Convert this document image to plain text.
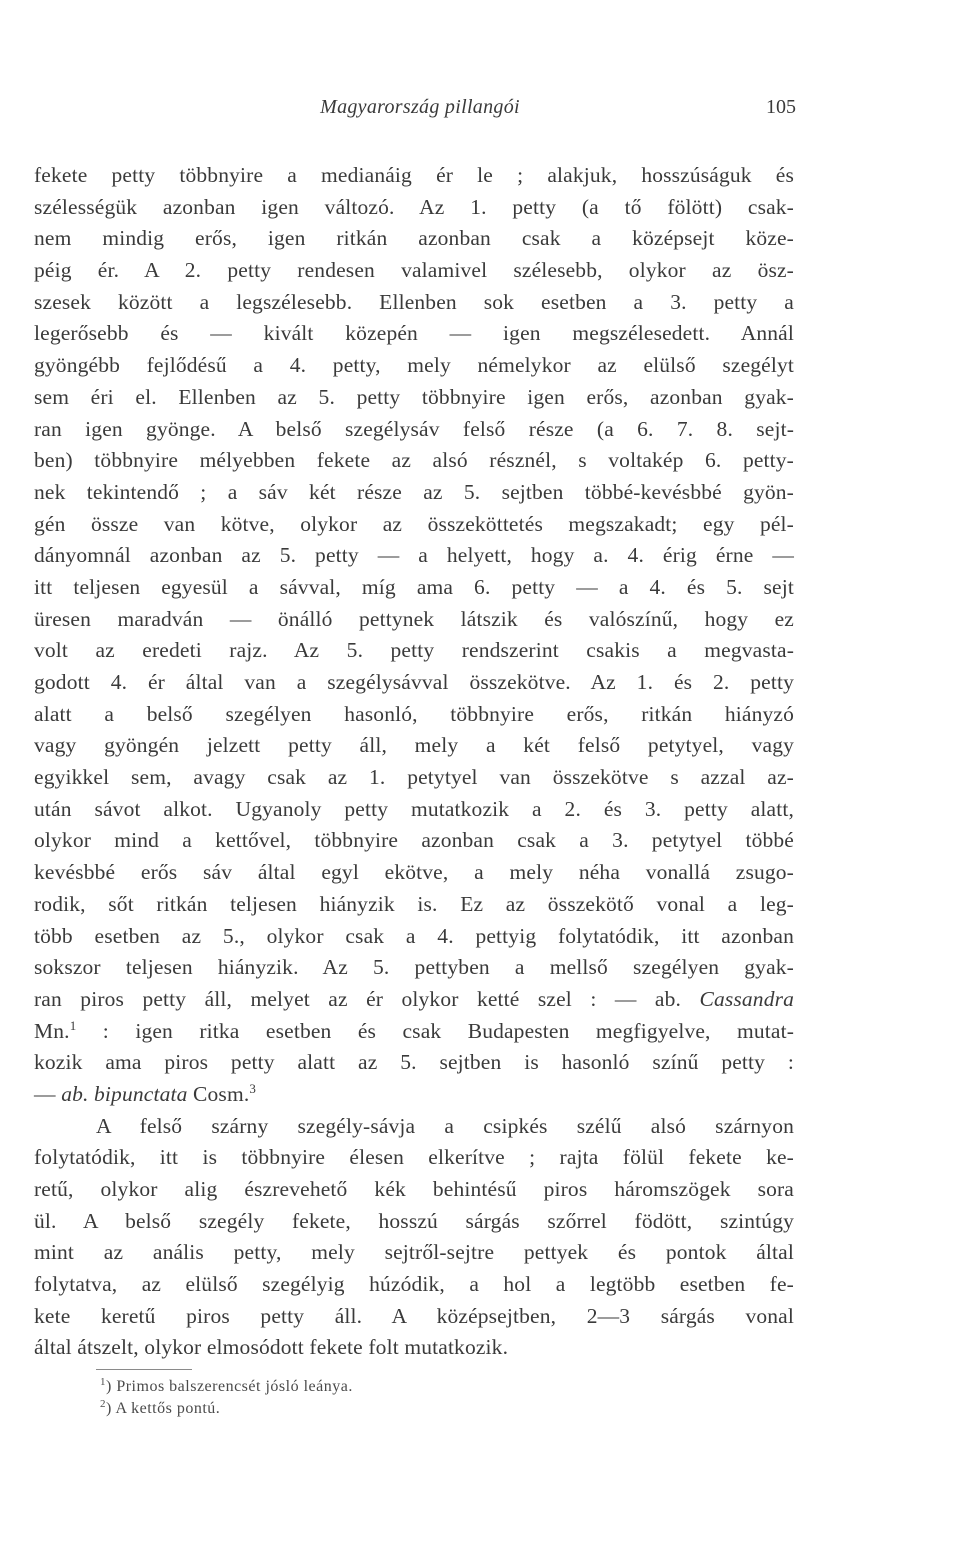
Magyarország pillangói	105
fekete petty többnyire a medianáig ér le ; alakjuk, hosszúságuk és
szélességük azonban igen változó. Az 1. petty (a tő fölött) csak-
nem mindig erős, igen ritkán azonban csak a középsejt köze-
péig ér. A 2. petty rendesen valamivel szélesebb, olykor az ösz-
szesek között a legszélesebb. Ellenben sok esetben a 3. petty a
legerősebb és — kivált közepén — igen megszélesedett. Annál
gyöngébb fejlődésű a 4. petty, mely némelykor az elülső szegélyt
sem éri el. Ellenben az 5. petty többnyire igen erős, azonban gyak-
ran igen gyönge. A belső szegélysáv felső része (a 6. 7. 8. sejt-
ben) többnyire mélyebben fekete az alsó résznél, s voltakép 6. petty-
nek tekintendő ; a sáv két része az 5. sejtben többé-kevésbbé gyön-
gén össze van kötve, olykor az összeköttetés megszakadt; egy pél-
dányomnál azonban az 5. petty — a helyett, hogy a. 4. érig érne —
itt teljesen egyesül a sávval, míg ama 6. petty — a 4. és 5. sejt
üresen maradván — önálló pettynek látszik és valószínű, hogy ez
volt az eredeti rajz. Az 5. petty rendszerint csakis a megvasta-
godott 4. ér által van a szegélysávval összekötve. Az 1. és 2. petty
alatt a belső szegélyen hasonló, többnyire erős, ritkán hiányzó
vagy gyöngén jelzett petty áll, mely a két felső petytyel, vagy
egyikkel sem, avagy csak az 1. petytyel van összekötve s azzal az-
után sávot alkot. Ugyanoly petty mutatkozik a 2. és 3. petty alatt,
olykor mind a kettővel, többnyire azonban csak a 3. petytyel többé
kevésbbé erős sáv által egyl ekötve, a mely néha vonallá zsugo-
rodik, sőt ritkán teljesen hiányzik is. Ez az összekötő vonal a leg-
több esetben az 5., olykor csak a 4. pettyig folytatódik, itt azonban
sokszor teljesen hiányzik. Az 5. pettyben a mellső szegélyen gyak-
ran piros petty áll, melyet az ér olykor ketté szel : — ab. Cassandra
Mn.$^1$ : igen ritka esetben és csak Budapesten megfigyelve, mutat-
kozik ama piros petty alatt az 5. sejtben is hasonló színű petty :
— ab. bipunctata Cosm.$^3$
A felső szárny szegély-sávja a csipkés szélű alsó szárnyon
folytatódik, itt is többnyire élesen elkerítve ; rajta fölül fekete ke-
retű, olykor alig észrevehető kék behintésű piros háromszögek sora
ül. A belső szegély fekete, hosszú sárgás szőrrel födött, szintúgy
mint az anális petty, mely sejtről-sejtre pettyek és pontok által
folytatva, az elülső szegélyig húzódik, a hol a legtöbb esetben fe-
kete keretű piros petty áll. A középsejtben, 2—3 sárgás vonal
által átszelt, olykor elmosódott fekete folt mutatkozik.
$^1$) Primos balszerencsét jósló leánya.
$^2$) A kettős pontú.
